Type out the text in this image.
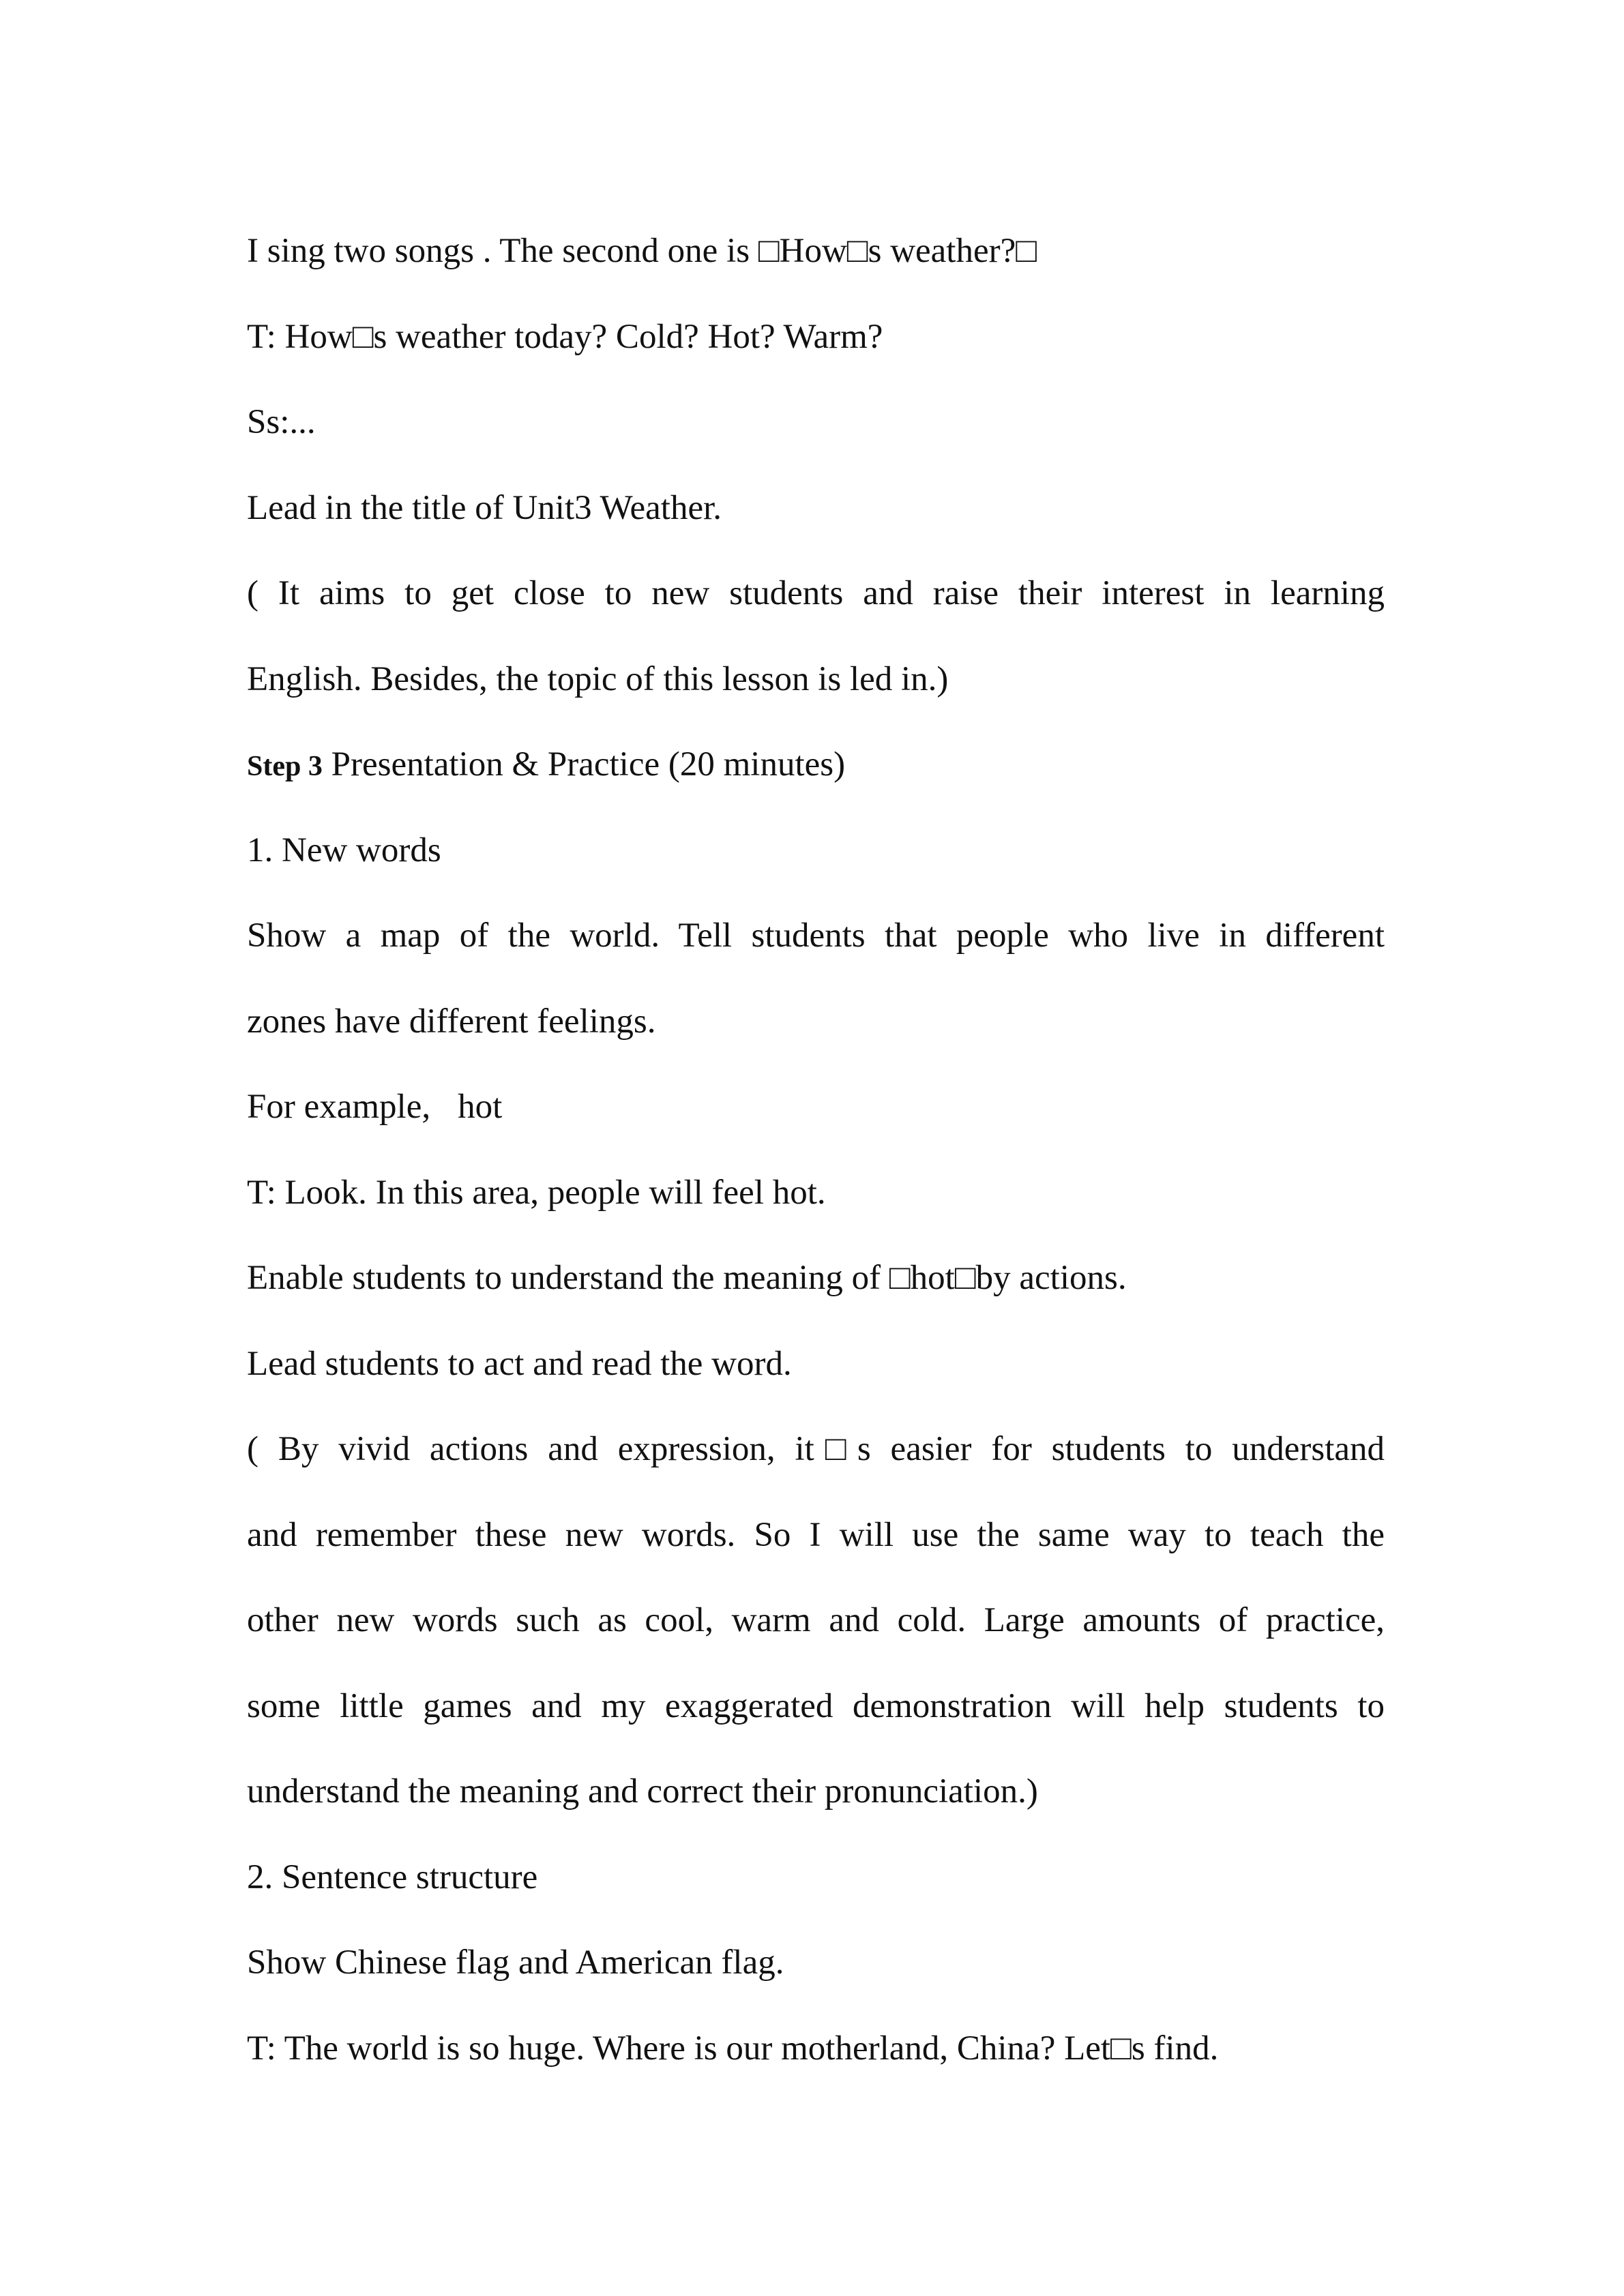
I sing two songs . The second one is □How□s weather?□

T: How□s weather today? Cold? Hot? Warm?

Ss:...

Lead in the title of Unit3 Weather.

( It aims to get close to new students and raise their interest in learning

English. Besides, the topic of this lesson is led in.)

Step 3 Presentation & Practice (20 minutes)

1. New words

Show a map of the world. Tell students that people who live in different

zones have different feelings.

For example, hot

T: Look. In this area, people will feel hot.

Enable students to understand the meaning of □hot□by actions.

Lead students to act and read the word.

( By vivid actions and expression, it□s easier for students to understand

and remember these new words. So I will use the same way to teach the

other new words such as cool, warm and cold. Large amounts of practice,

some little games and my exaggerated demonstration will help students to

understand the meaning and correct their pronunciation.)

2. Sentence structure

Show Chinese flag and American flag.

T: The world is so huge. Where is our motherland, China? Let□s find.
